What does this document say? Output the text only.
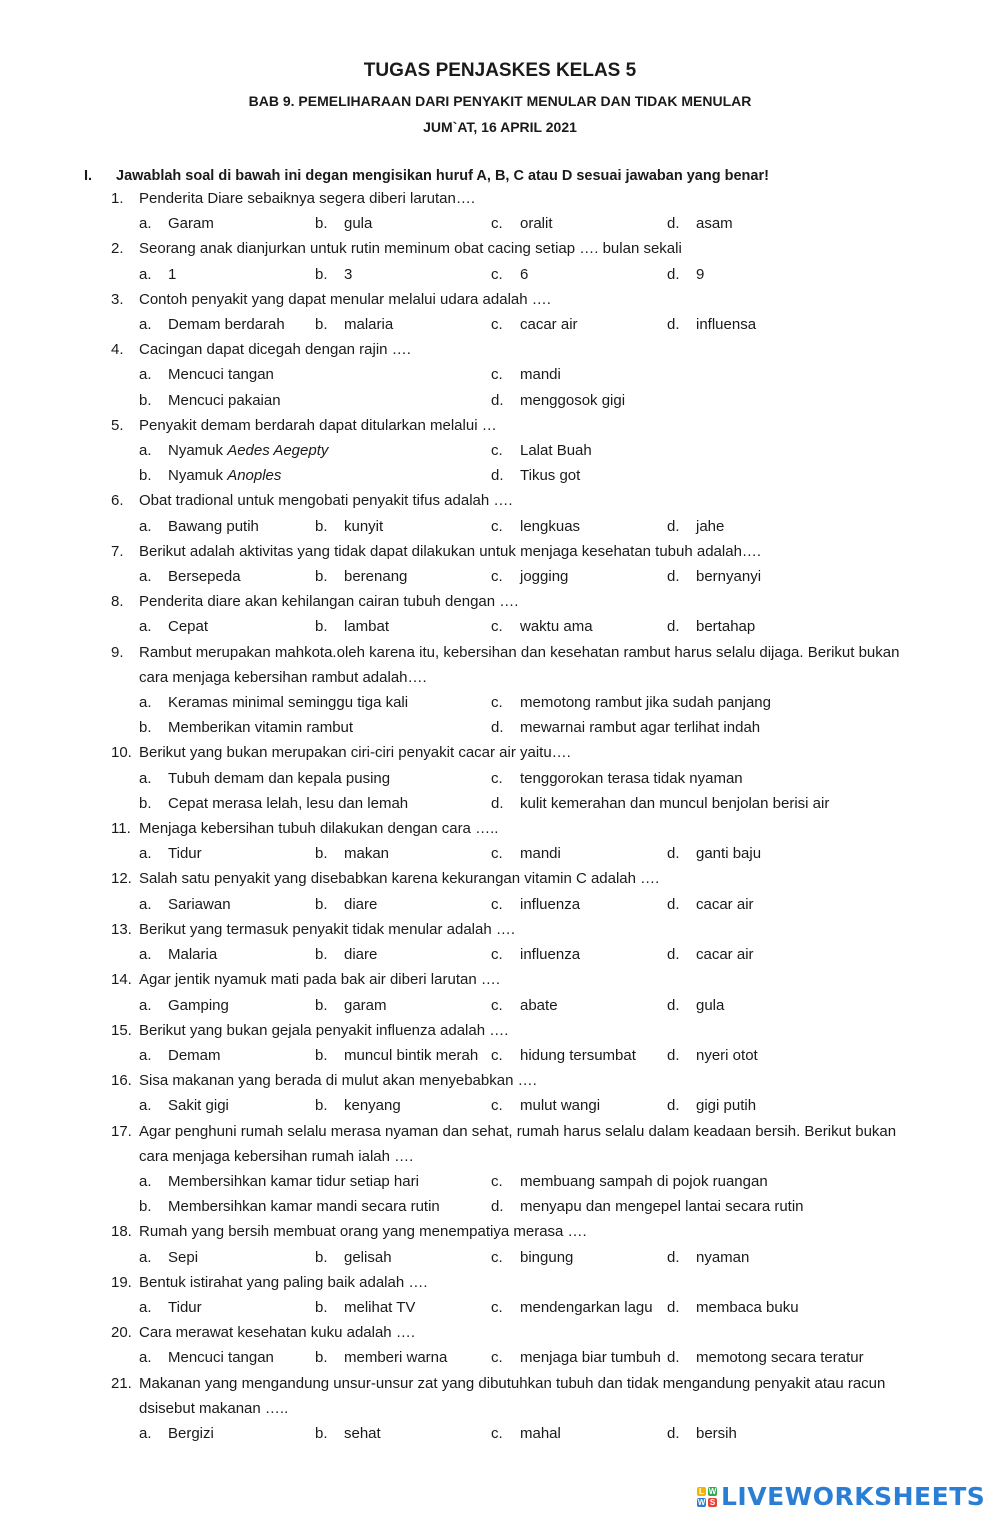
TUGAS PENJASKES KELAS 5
BAB 9. PEMELIHARAAN DARI PENYAKIT MENULAR DAN TIDAK MENULAR
JUM`AT, 16 APRIL 2021
I. Jawablah soal di bawah ini degan mengisikan huruf A, B, C atau D sesuai jawaban yang benar!
1.	Penderita Diare sebaiknya segera diberi larutan….
a. Garam	b. gula	c. oralit	d. asam
2.	Seorang anak dianjurkan untuk rutin meminum obat cacing setiap …. bulan sekali
a. 1	b. 3	c. 6	d. 9
3.	Contoh penyakit yang dapat menular melalui udara adalah ….
a. Demam berdarah	b. malaria	c. cacar air	d. influensa
4.	Cacingan dapat dicegah dengan rajin ….
a. Mencuci tangan	c. mandi
b. Mencuci pakaian	d. menggosok gigi
5.	Penyakit demam berdarah dapat ditularkan melalui …
a. Nyamuk Aedes Aegepty	c. Lalat Buah
b. Nyamuk Anoples	d. Tikus got
6.	Obat tradional untuk mengobati penyakit tifus adalah ….
a. Bawang putih	b. kunyit	c. lengkuas	d. jahe
7.	Berikut adalah aktivitas yang tidak dapat dilakukan untuk menjaga kesehatan tubuh adalah….
a. Bersepeda	b. berenang	c. jogging	d. bernyanyi
8.	Penderita diare akan kehilangan cairan tubuh dengan ….
a. Cepat	b. lambat	c. waktu ama	d. bertahap
9.	Rambut merupakan mahkota.oleh karena itu, kebersihan dan kesehatan rambut harus selalu dijaga. Berikut bukan cara menjaga kebersihan rambut adalah….
a. Keramas minimal seminggu tiga kali	c. memotong rambut jika sudah panjang
b. Memberikan vitamin rambut	d. mewarnai rambut agar terlihat indah
10. Berikut yang bukan merupakan ciri-ciri penyakit cacar air yaitu….
a. Tubuh demam dan kepala pusing	c. tenggorokan terasa tidak nyaman
b. Cepat merasa lelah, lesu dan lemah	d. kulit kemerahan dan muncul benjolan berisi air
11. Menjaga kebersihan tubuh dilakukan dengan cara …..
a. Tidur	b. makan	c. mandi	d. ganti baju
12. Salah satu penyakit yang disebabkan karena kekurangan vitamin C adalah ….
a. Sariawan	b. diare	c. influenza	d. cacar air
13. Berikut yang termasuk penyakit tidak menular adalah ….
a. Malaria	b. diare	c. influenza	d. cacar air
14. Agar jentik nyamuk mati pada bak air diberi larutan ….
a. Gamping	b. garam	c. abate	d. gula
15. Berikut yang bukan gejala penyakit influenza adalah ….
a. Demam	b. muncul bintik merah c. hidung tersumbat	d. nyeri otot
16. Sisa makanan yang berada di mulut akan menyebabkan ….
a. Sakit gigi	b. kenyang	c. mulut wangi	d. gigi putih
17. Agar penghuni rumah selalu merasa nyaman dan sehat, rumah harus selalu dalam keadaan bersih. Berikut bukan cara menjaga kebersihan rumah ialah ….
a. Membersihkan kamar tidur setiap hari	c. membuang sampah di pojok ruangan
b. Membersihkan kamar mandi secara rutin	d. menyapu dan mengepel lantai secara rutin
18. Rumah yang bersih membuat orang yang menempatiya merasa ….
a. Sepi	b. gelisah	c. bingung	d. nyaman
19. Bentuk istirahat yang paling baik adalah ….
a. Tidur	b. melihat TV	c. mendengarkan lagu d. membaca buku
20. Cara merawat kesehatan kuku adalah ….
a. Mencuci tangan	b. memberi warna	c. menjaga biar tumbuh d. memotong secara teratur
21. Makanan yang mengandung unsur-unsur zat yang dibutuhkan tubuh dan tidak mengandung penyakit atau racun dsisebut makanan …..
a. Bergizi	b. sehat	c. mahal	d. bersih
L W
W S LIVEWORKSHEETS
